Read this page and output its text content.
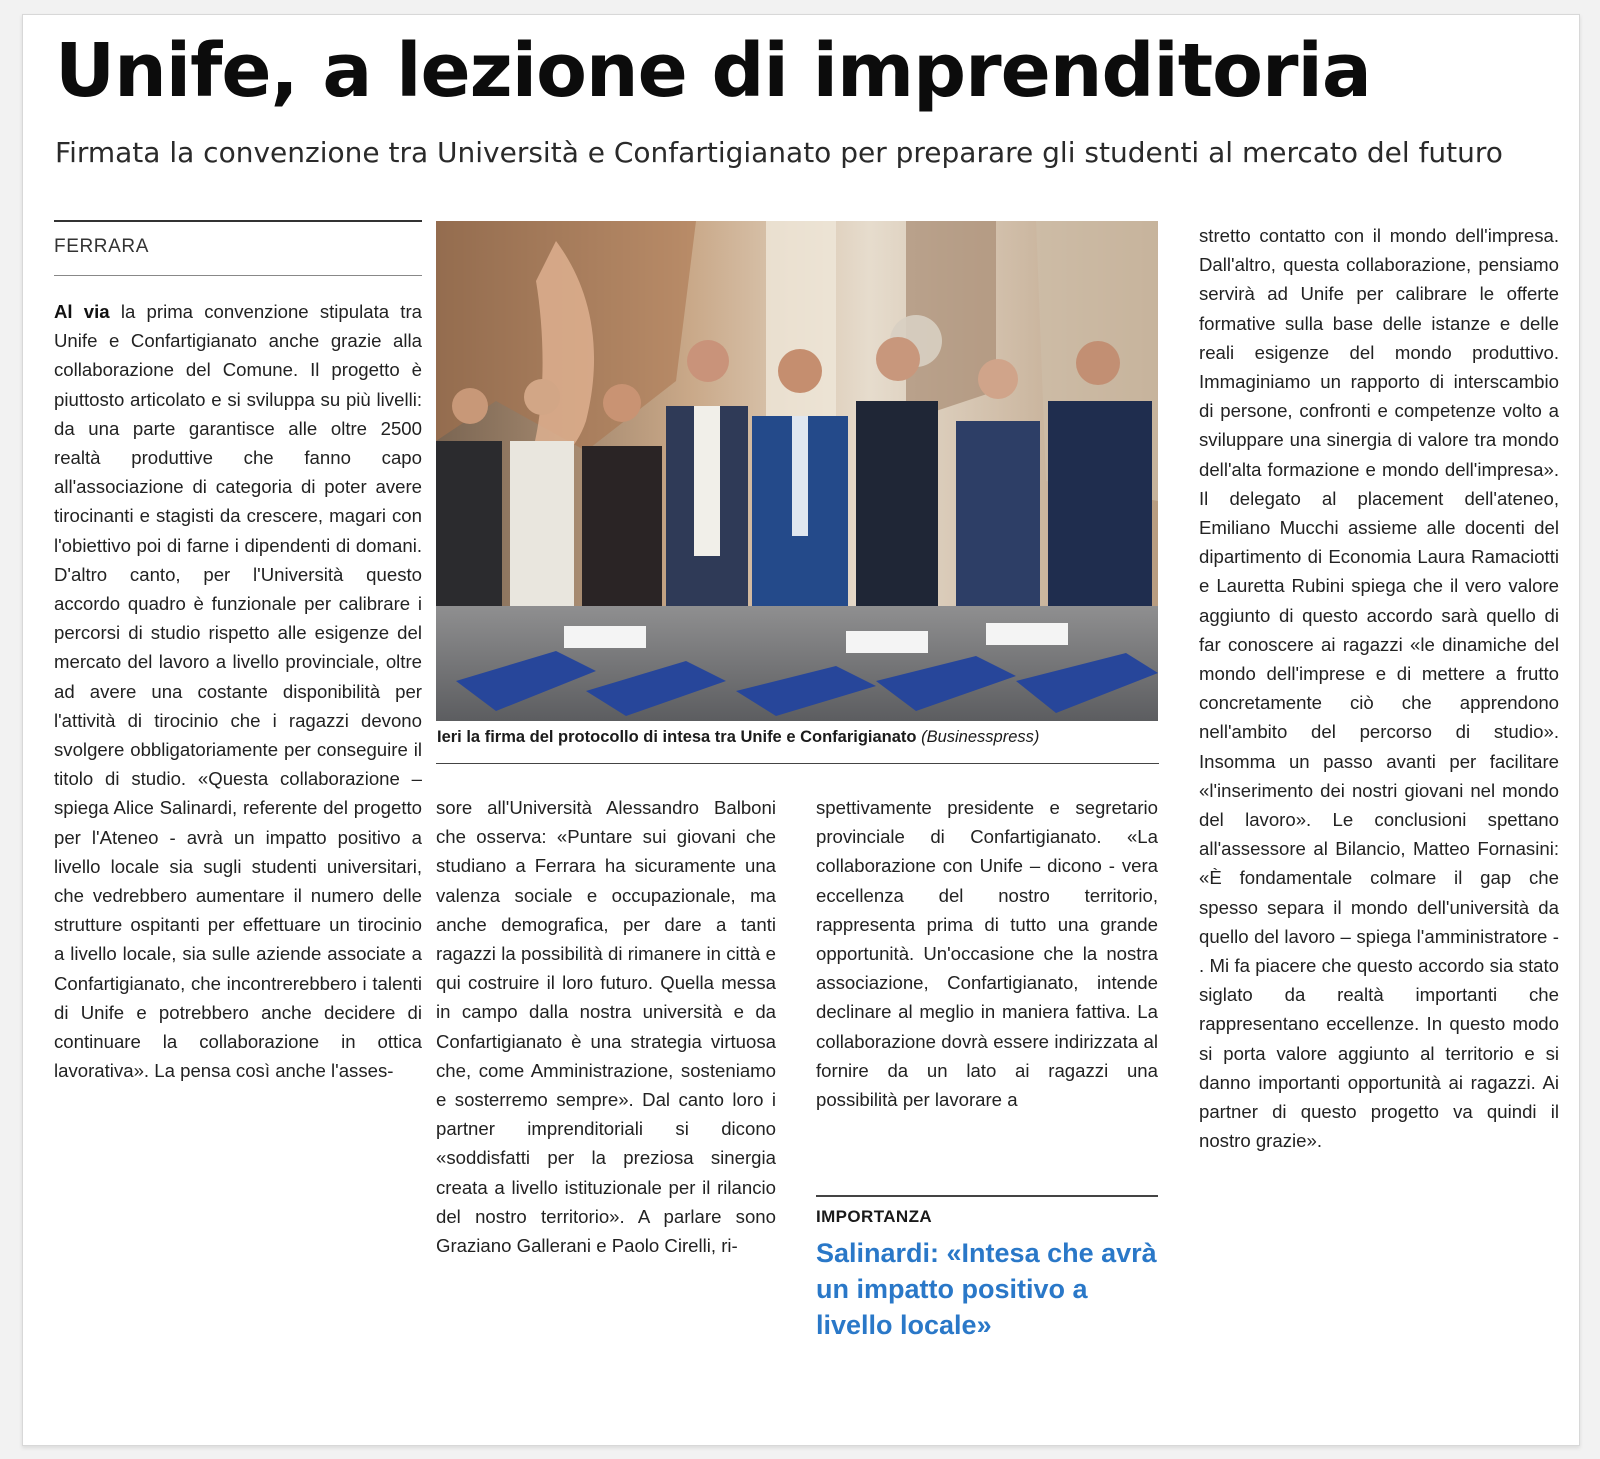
Unife, a lezione di imprenditoria
Firmata la convenzione tra Università e Confartigianato per preparare gli studenti al mercato del futuro
FERRARA

Al via la prima convenzione stipulata tra Unife e Confartigianato anche grazie alla collaborazione del Comune. Il progetto è piuttosto articolato e si sviluppa su più livelli: da una parte garantisce alle oltre 2500 realtà produttive che fanno capo all'associazione di categoria di poter avere tirocinanti e stagisti da crescere, magari con l'obiettivo poi di farne i dipendenti di domani. D'altro canto, per l'Università questo accordo quadro è funzionale per calibrare i percorsi di studio rispetto alle esigenze del mercato del lavoro a livello provinciale, oltre ad avere una costante disponibilità per l'attività di tirocinio che i ragazzi devono svolgere obbligatoriamente per conseguire il titolo di studio. «Questa collaborazione – spiega Alice Salinardi, referente del progetto per l'Ateneo - avrà un impatto positivo a livello locale sia sugli studenti universitari, che vedrebbero aumentare il numero delle strutture ospitanti per effettuare un tirocinio a livello locale, sia sulle aziende associate a Confartigianato, che incontrerebbero i talenti di Unife e potrebbero anche decidere di continuare la collaborazione in ottica lavorativa». La pensa così anche l'asses-

Ieri la firma del protocollo di intesa tra Unife e Confarigianato (Businesspress)

sore all'Università Alessandro Balboni che osserva: «Puntare sui giovani che studiano a Ferrara ha sicuramente una valenza sociale e occupazionale, ma anche demografica, per dare a tanti ragazzi la possibilità di rimanere in città e qui costruire il loro futuro. Quella messa in campo dalla nostra università e da Confartigianato è una strategia virtuosa che, come Amministrazione, sosteniamo e sosterremo sempre». Dal canto loro i partner imprenditoriali si dicono «soddisfatti per la preziosa sinergia creata a livello istituzionale per il rilancio del nostro territorio». A parlare sono Graziano Gallerani e Paolo Cirelli, ri-

spettivamente presidente e segretario provinciale di Confartigianato. «La collaborazione con Unife – dicono - vera eccellenza del nostro territorio, rappresenta prima di tutto una grande opportunità. Un'occasione che la nostra associazione, Confartigianato, intende declinare al meglio in maniera fattiva. La collaborazione dovrà essere indirizzata al fornire da un lato ai ragazzi una possibilità per lavorare a

IMPORTANZA
Salinardi: «Intesa che avrà un impatto positivo a livello locale»

stretto contatto con il mondo dell'impresa. Dall'altro, questa collaborazione, pensiamo servirà ad Unife per calibrare le offerte formative sulla base delle istanze e delle reali esigenze del mondo produttivo. Immaginiamo un rapporto di interscambio di persone, confronti e competenze volto a sviluppare una sinergia di valore tra mondo dell'alta formazione e mondo dell'impresa». Il delegato al placement dell'ateneo, Emiliano Mucchi assieme alle docenti del dipartimento di Economia Laura Ramaciotti e Lauretta Rubini spiega che il vero valore aggiunto di questo accordo sarà quello di far conoscere ai ragazzi «le dinamiche del mondo dell'imprese e di mettere a frutto concretamente ciò che apprendono nell'ambito del percorso di studio». Insomma un passo avanti per facilitare «l'inserimento dei nostri giovani nel mondo del lavoro». Le conclusioni spettano all'assessore al Bilancio, Matteo Fornasini: «È fondamentale colmare il gap che spesso separa il mondo dell'università da quello del lavoro – spiega l'amministratore - . Mi fa piacere che questo accordo sia stato siglato da realtà importanti che rappresentano eccellenze. In questo modo si porta valore aggiunto al territorio e si danno importanti opportunità ai ragazzi. Ai partner di questo progetto va quindi il nostro grazie».
